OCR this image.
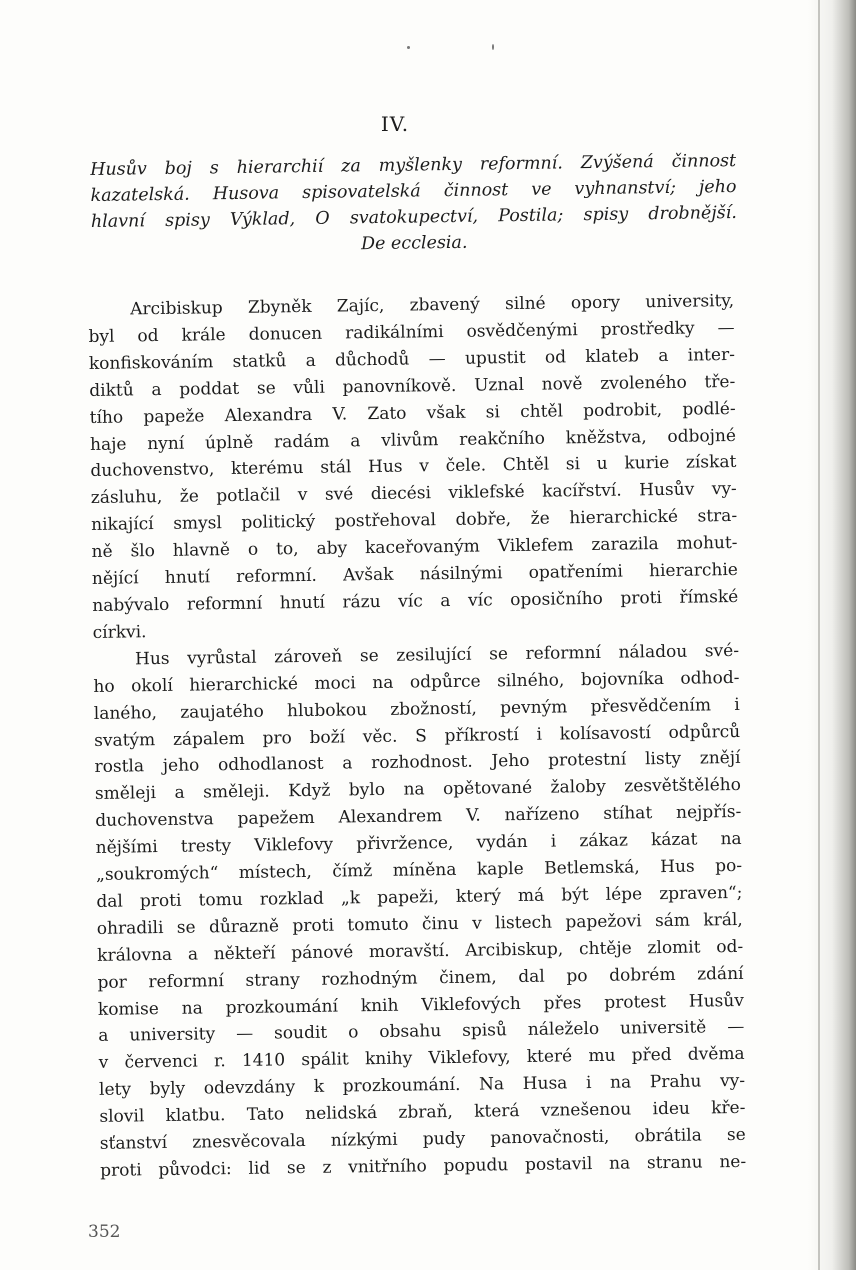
IV.
Husův boj s hierarchií za myšlenky reformní. Zvýšená činnost
kazatelská. Husova spisovatelská činnost ve vyhnanství; jeho
hlavní spisy Výklad, O svatokupectví, Postila; spisy drobnější.
De ecclesia.
Arcibiskup Zbyněk Zajíc, zbavený silné opory university,
byl od krále donucen radikálními osvědčenými prostředky —
konfiskováním statků a důchodů — upustit od klateb a inter-
diktů a poddat se vůli panovníkově. Uznal nově zvoleného tře-
tího papeže Alexandra V. Zato však si chtěl podrobit, podlé-
haje nyní úplně radám a vlivům reakčního kněžstva, odbojné
duchovenstvo, kterému stál Hus v čele. Chtěl si u kurie získat
zásluhu, že potlačil v své diecési viklefské kacířství. Husův vy-
nikající smysl politický postřehoval dobře, že hierarchické stra-
ně šlo hlavně o to, aby kaceřovaným Viklefem zarazila mohut-
nějící hnutí reformní. Avšak násilnými opatřeními hierarchie
nabývalo reformní hnutí rázu víc a víc oposičního proti římské
církvi.
Hus vyrůstal zároveň se zesilující se reformní náladou své-
ho okolí hierarchické moci na odpůrce silného, bojovníka odhod-
laného, zaujatého hlubokou zbožností, pevným přesvědčením i
svatým zápalem pro boží věc. S příkrostí i kolísavostí odpůrců
rostla jeho odhodlanost a rozhodnost. Jeho protestní listy znějí
směleji a směleji. Když bylo na opětované žaloby zesvětštělého
duchovenstva papežem Alexandrem V. nařízeno stíhat nejpřís-
nějšími tresty Viklefovy přivržence, vydán i zákaz kázat na
„soukromých“ místech, čímž míněna kaple Betlemská, Hus po-
dal proti tomu rozklad „k papeži, který má být lépe zpraven“;
ohradili se důrazně proti tomuto činu v listech papežovi sám král,
královna a někteří pánové moravští. Arcibiskup, chtěje zlomit od-
por reformní strany rozhodným činem, dal po dobrém zdání
komise na prozkoumání knih Viklefových přes protest Husův
a university — soudit o obsahu spisů náleželo universitě —
v červenci r. 1410 spálit knihy Viklefovy, které mu před dvěma
lety byly odevzdány k prozkoumání. Na Husa i na Prahu vy-
slovil klatbu. Tato nelidská zbraň, která vznešenou ideu kře-
sťanství znesvěcovala nízkými pudy panovačnosti, obrátila se
proti původci: lid se z vnitřního popudu postavil na stranu ne-
352
